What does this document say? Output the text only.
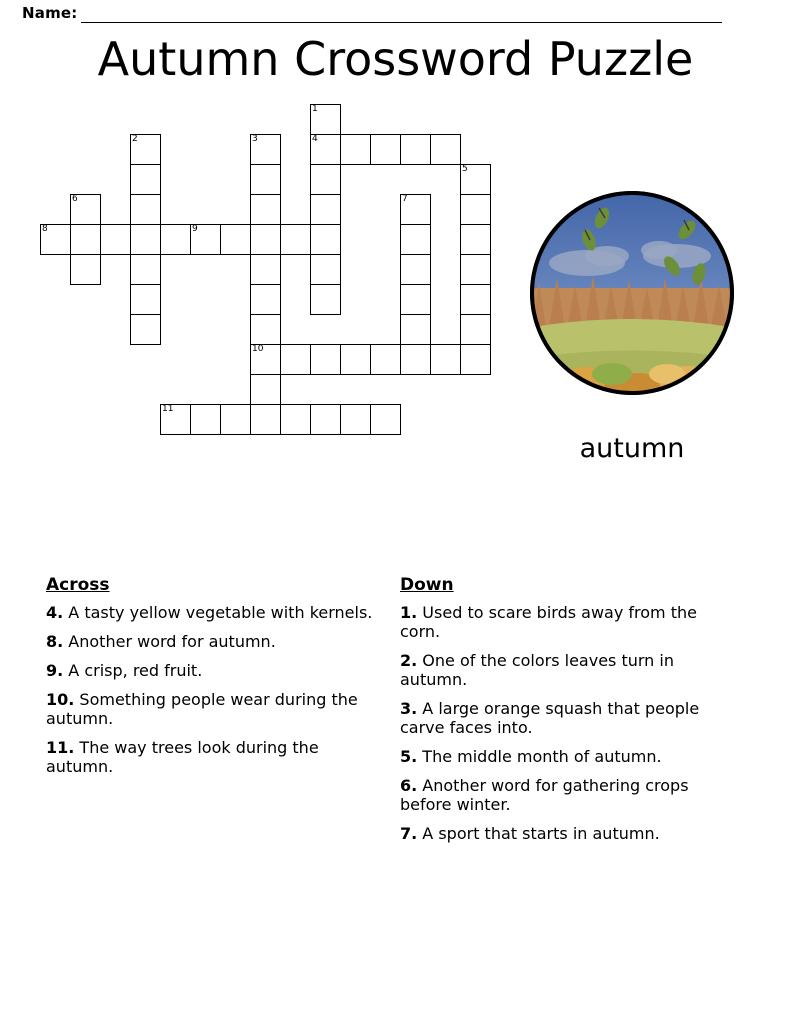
Name:
Autumn Crossword Puzzle
1
4
2	3
10
5
6	7
8	9
11
autumn
Across
4. A tasty yellow vegetable with kernels.
8. Another word for autumn.
9. A crisp, red fruit.
10. Something people wear during the autumn.
11. The way trees look during the autumn.
Down
1. Used to scare birds away from the corn.
2. One of the colors leaves turn in autumn.
3. A large orange squash that people carve faces into.
5. The middle month of autumn.
6. Another word for gathering crops before winter.
7. A sport that starts in autumn.
